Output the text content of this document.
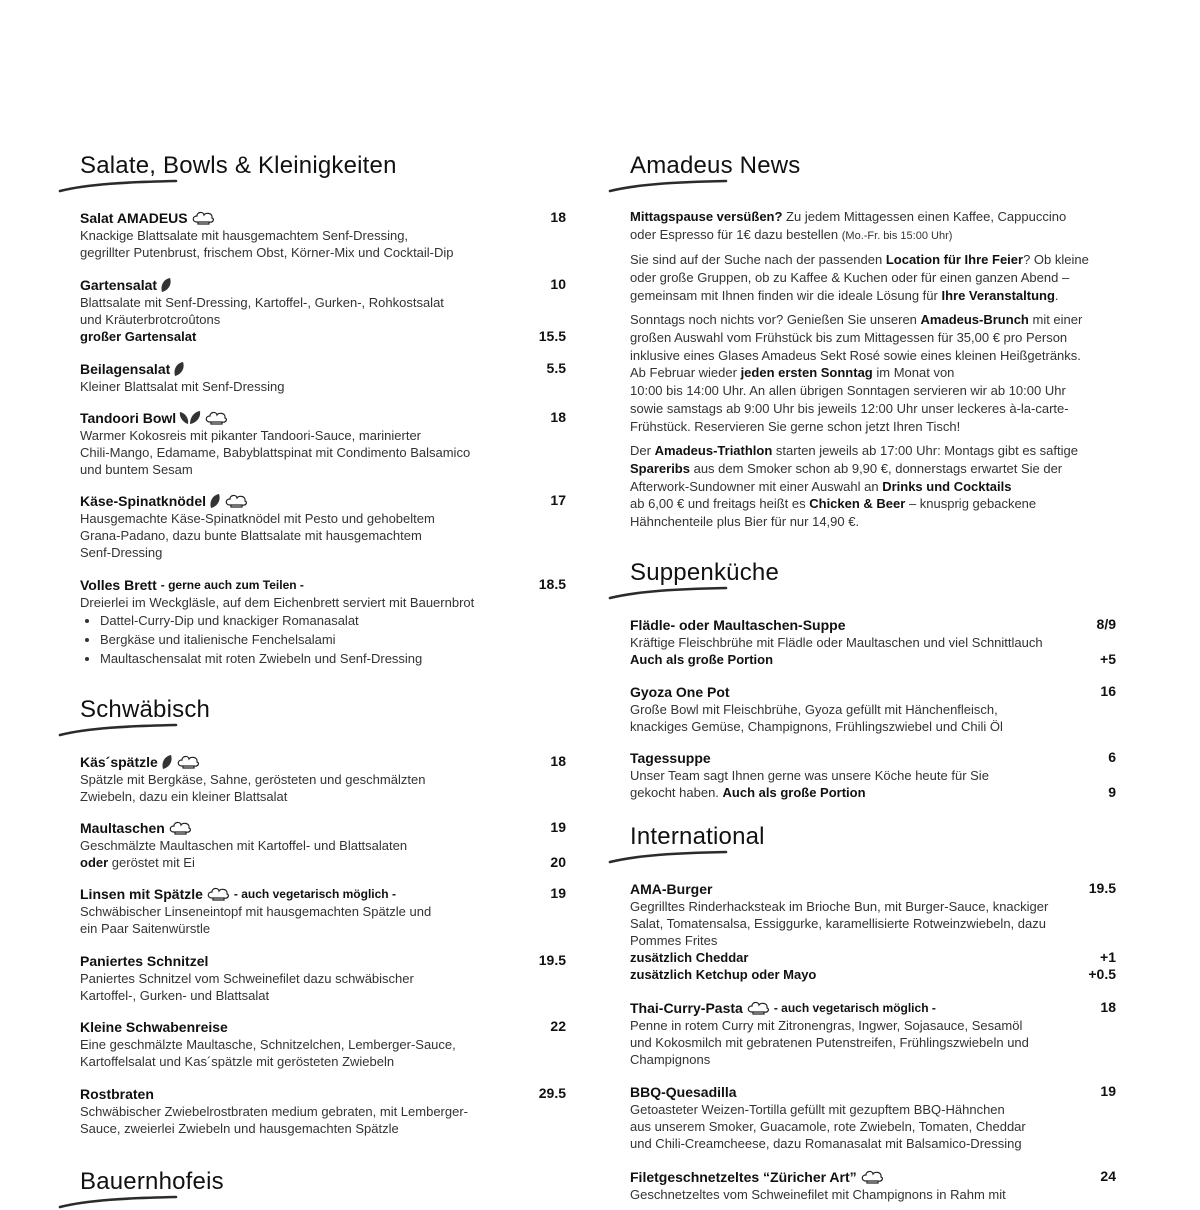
Salate, Bowls & Kleinigkeiten
Salat AMADEUS	18
Knackige Blattsalate mit hausgemachtem Senf-Dressing,
gegrillter Putenbrust, frischem Obst, Körner-Mix und Cocktail-Dip
Gartensalat	10
Blattsalate mit Senf-Dressing, Kartoffel-, Gurken-, Rohkostsalat
und Kräuterbrotcroûtons
großer Gartensalat	15.5
Beilagensalat	5.5
Kleiner Blattsalat mit Senf-Dressing
Tandoori Bowl	18
Warmer Kokosreis mit pikanter Tandoori-Sauce, marinierter
Chili-Mango, Edamame, Babyblattspinat mit Condimento Balsamico
und buntem Sesam
Käse-Spinatknödel	17
Hausgemachte Käse-Spinatknödel mit Pesto und gehobeltem
Grana-Padano, dazu bunte Blattsalate mit hausgemachtem
Senf-Dressing
Volles Brett - gerne auch zum Teilen -	18.5
Dreierlei im Weckgläsle, auf dem Eichenbrett serviert mit Bauernbrot
• Dattel-Curry-Dip und knackiger Romanasalat
• Bergkäse und italienische Fenchelsalami
• Maultaschensalat mit roten Zwiebeln und Senf-Dressing
Schwäbisch
Käs´spätzle	18
Spätzle mit Bergkäse, Sahne, gerösteten und geschmälzten
Zwiebeln, dazu ein kleiner Blattsalat
Maultaschen	19
Geschmälzte Maultaschen mit Kartoffel- und Blattsalaten
oder geröstet mit Ei	20
Linsen mit Spätzle	- auch vegetarisch möglich -	19
Schwäbischer Linseneintopf mit hausgemachten Spätzle und
ein Paar Saitenwürstle
Paniertes Schnitzel	19.5
Paniertes Schnitzel vom Schweinefilet dazu schwäbischer
Kartoffel-, Gurken- und Blattsalat
Kleine Schwabenreise	22
Eine geschmälzte Maultasche, Schnitzelchen, Lemberger-Sauce,
Kartoffelsalat und Kas´spätzle mit gerösteten Zwiebeln
Rostbraten	29.5
Schwäbischer Zwiebelrostbraten medium gebraten, mit Lemberger-
Sauce, zweierlei Zwiebeln und hausgemachten Spätzle
Bauernhofeis
Amadeus News
Mittagspause versüßen? Zu jedem Mittagessen einen Kaffee, Cappuccino
oder Espresso für 1€ dazu bestellen (Mo.-Fr. bis 15:00 Uhr)
Sie sind auf der Suche nach der passenden Location für Ihre Feier? Ob kleine
oder große Gruppen, ob zu Kaffee & Kuchen oder für einen ganzen Abend –
gemeinsam mit Ihnen finden wir die ideale Lösung für Ihre Veranstaltung.
Sonntags noch nichts vor? Genießen Sie unseren Amadeus-Brunch mit einer
großen Auswahl vom Frühstück bis zum Mittagessen für 35,00 € pro Person
inklusive eines Glases Amadeus Sekt Rosé sowie eines kleinen Heißgetränks.
Ab Februar wieder jeden ersten Sonntag im Monat von
10:00 bis 14:00 Uhr. An allen übrigen Sonntagen servieren wir ab 10:00 Uhr
sowie samstags ab 9:00 Uhr bis jeweils 12:00 Uhr unser leckeres à-la-carte-
Frühstück. Reservieren Sie gerne schon jetzt Ihren Tisch!
Der Amadeus-Triathlon starten jeweils ab 17:00 Uhr: Montags gibt es saftige
Spareribs aus dem Smoker schon ab 9,90 €, donnerstags erwartet Sie der
Afterwork-Sundowner mit einer Auswahl an Drinks und Cocktails
ab 6,00 € und freitags heißt es Chicken & Beer – knusprig gebackene
Hähnchenteile plus Bier für nur 14,90 €.
Suppenküche
Flädle- oder Maultaschen-Suppe	8/9
Kräftige Fleischbrühe mit Flädle oder Maultaschen und viel Schnittlauch
Auch als große Portion	+5
Gyoza One Pot	16
Große Bowl mit Fleischbrühe, Gyoza gefüllt mit Hänchenfleisch,
knackiges Gemüse, Champignons, Frühlingszwiebel und Chili Öl
Tagessuppe	6
Unser Team sagt Ihnen gerne was unsere Köche heute für Sie
gekocht haben. Auch als große Portion	9
International
AMA-Burger	19.5
Gegrilltes Rinderhacksteak im Brioche Bun, mit Burger-Sauce, knackiger
Salat, Tomatensalsa, Essiggurke, karamellisierte Rotweinzwiebeln, dazu
Pommes Frites
zusätzlich Cheddar	+1
zusätzlich Ketchup oder Mayo	+0.5
Thai-Curry-Pasta	- auch vegetarisch möglich -	18
Penne in rotem Curry mit Zitronengras, Ingwer, Sojasauce, Sesamöl
und Kokosmilch mit gebratenen Putenstreifen, Frühlingszwiebeln und
Champignons
BBQ-Quesadilla	19
Getoasteter Weizen-Tortilla gefüllt mit gezupftem BBQ-Hähnchen
aus unserem Smoker, Guacamole, rote Zwiebeln, Tomaten, Cheddar
und Chili-Creamcheese, dazu Romanasalat mit Balsamico-Dressing
Filetgeschnetzeltes “Züricher Art”	24
Geschnetzeltes vom Schweinefilet mit Champignons in Rahm mit
